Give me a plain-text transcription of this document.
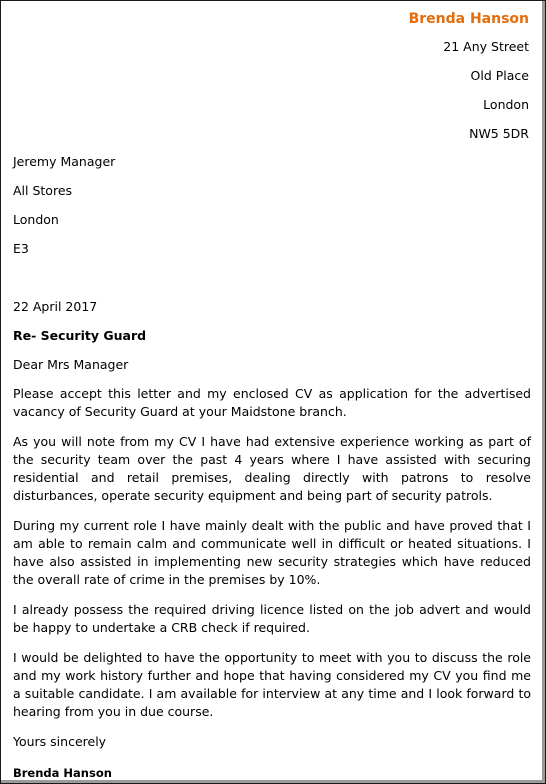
Brenda Hanson
21 Any Street
Old Place
London
NW5 5DR
Jeremy Manager
All Stores
London
E3

22 April 2017

Re- Security Guard

Dear Mrs Manager

Please accept this letter and my enclosed CV as application for the advertised vacancy of Security Guard at your Maidstone branch.

As you will note from my CV I have had extensive experience working as part of the security team over the past 4 years where I have assisted with securing residential and retail premises, dealing directly with patrons to resolve disturbances, operate security equipment and being part of security patrols.

During my current role I have mainly dealt with the public and have proved that I am able to remain calm and communicate well in difficult or heated situations. I have also assisted in implementing new security strategies which have reduced the overall rate of crime in the premises by 10%.

I already possess the required driving licence listed on the job advert and would be happy to undertake a CRB check if required.

I would be delighted to have the opportunity to meet with you to discuss the role and my work history further and hope that having considered my CV you find me a suitable candidate. I am available for interview at any time and I look forward to hearing from you in due course.

Yours sincerely

Brenda Hanson
